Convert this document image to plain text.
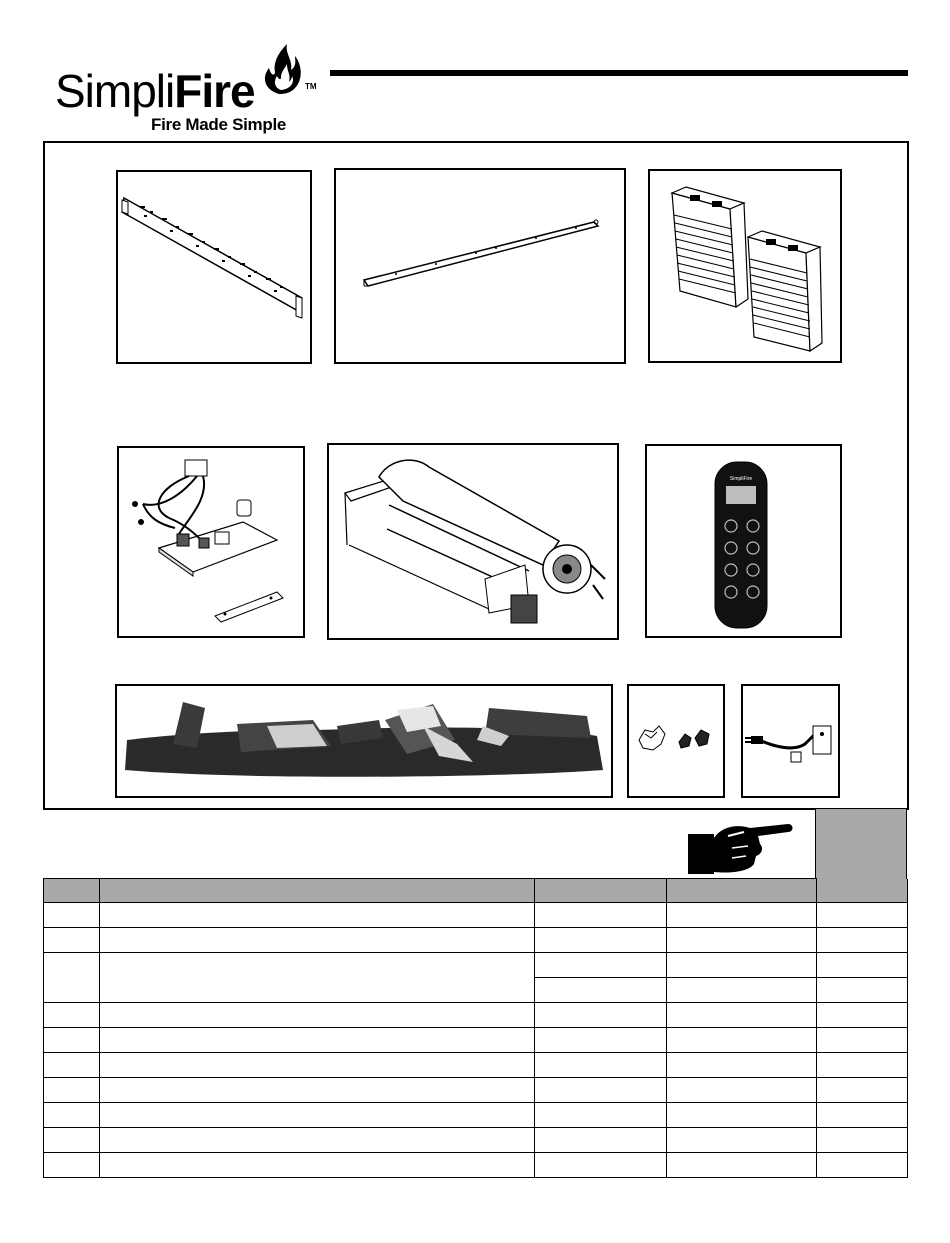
SimpliFire	TM
Fire Made Simple
SimpliFire
